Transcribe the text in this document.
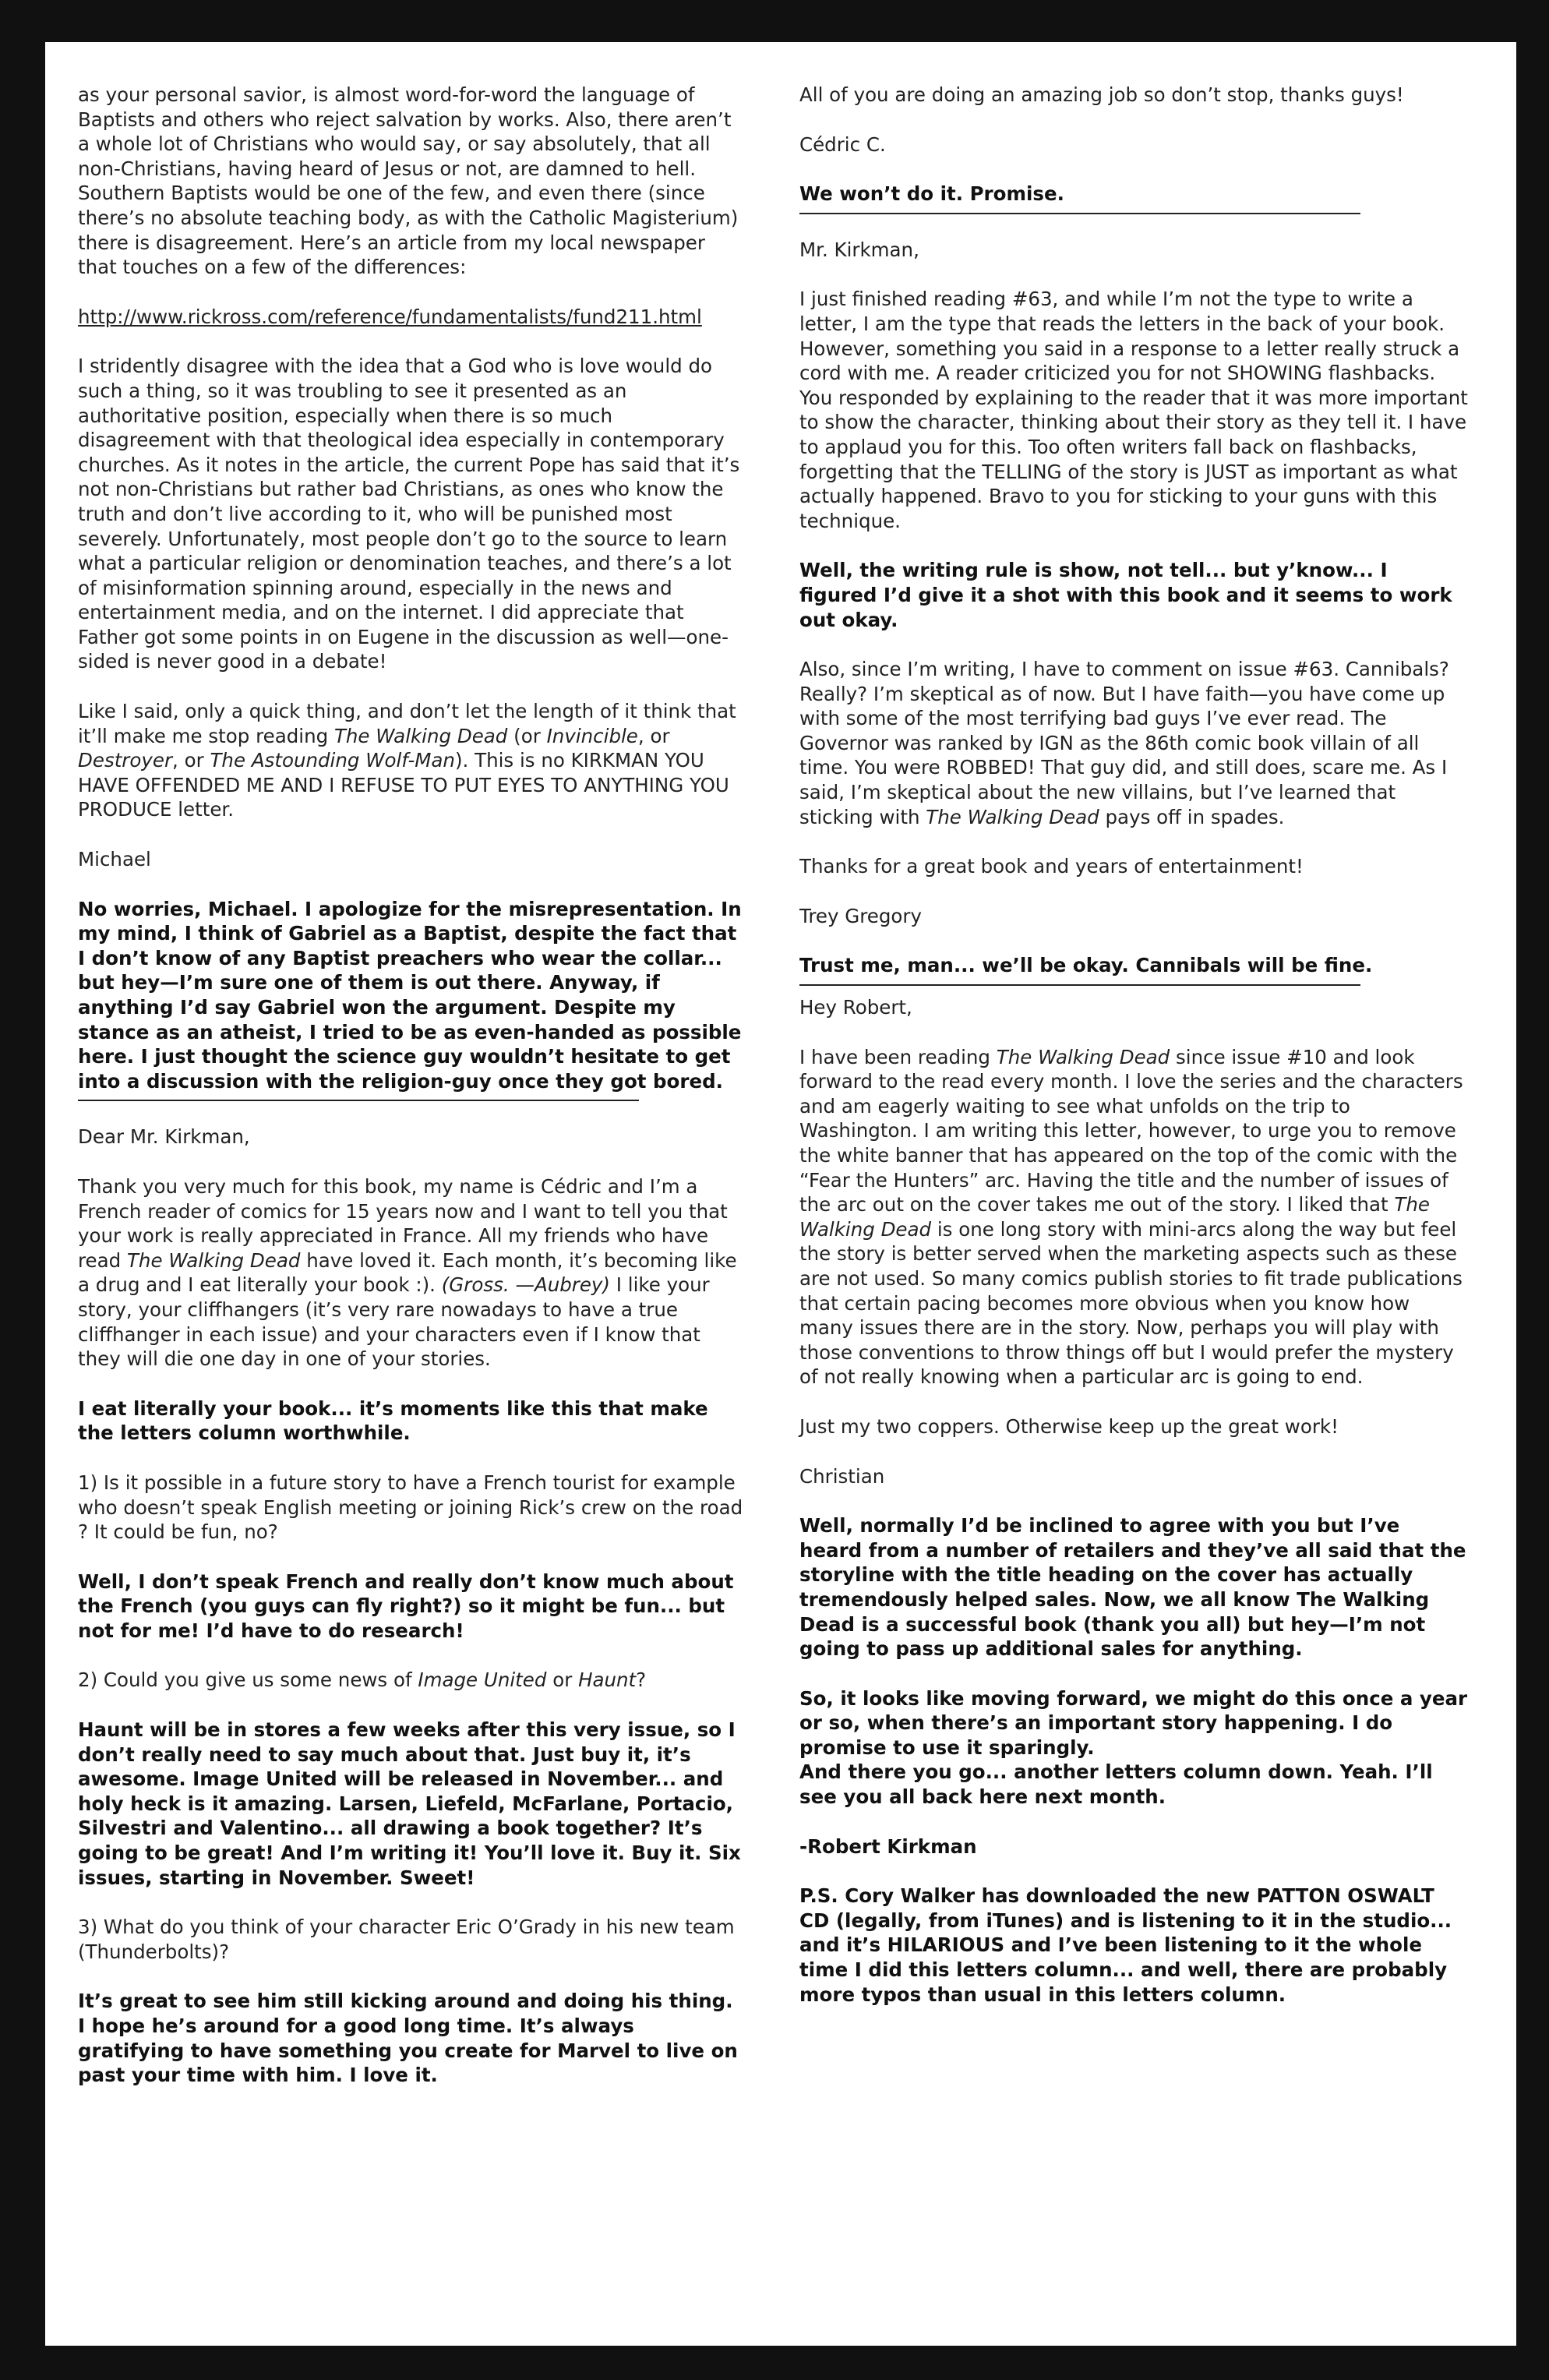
as your personal savior, is almost word-for-word the language of Baptists and others who reject salvation by works. Also, there aren’t a whole lot of Christians who would say, or say absolutely, that all non-Christians, having heard of Jesus or not, are damned to hell. Southern Baptists would be one of the few, and even there (since there’s no absolute teaching body, as with the Catholic Magisterium) there is disagreement. Here’s an article from my local newspaper that touches on a few of the differences:

http://www.rickross.com/reference/fundamentalists/fund211.html

I stridently disagree with the idea that a God who is love would do such a thing, so it was troubling to see it presented as an authoritative position, especially when there is so much disagreement with that theological idea especially in contemporary churches. As it notes in the article, the current Pope has said that it’s not non-Christians but rather bad Christians, as ones who know the truth and don’t live according to it, who will be punished most severely. Unfortunately, most people don’t go to the source to learn what a particular religion or denomination teaches, and there’s a lot of misinformation spinning around, especially in the news and entertainment media, and on the internet. I did appreciate that Father got some points in on Eugene in the discussion as well—one-sided is never good in a debate!

Like I said, only a quick thing, and don’t let the length of it think that it’ll make me stop reading The Walking Dead (or Invincible, or Destroyer, or The Astounding Wolf-Man). This is no KIRKMAN YOU HAVE OFFENDED ME AND I REFUSE TO PUT EYES TO ANYTHING YOU PRODUCE letter.

Michael

No worries, Michael. I apologize for the misrepresentation. In my mind, I think of Gabriel as a Baptist, despite the fact that I don’t know of any Baptist preachers who wear the collar... but hey—I’m sure one of them is out there. Anyway, if anything I’d say Gabriel won the argument. Despite my stance as an atheist, I tried to be as even-handed as possible here. I just thought the science guy wouldn’t hesitate to get into a discussion with the religion-guy once they got bored.

Dear Mr. Kirkman,

Thank you very much for this book, my name is Cédric and I’m a French reader of comics for 15 years now and I want to tell you that your work is really appreciated in France. All my friends who have read The Walking Dead have loved it. Each month, it’s becoming like a drug and I eat literally your book :). (Gross. —Aubrey) I like your story, your cliffhangers (it’s very rare nowadays to have a true cliffhanger in each issue) and your characters even if I know that they will die one day in one of your stories.

I eat literally your book... it’s moments like this that make the letters column worthwhile.

1) Is it possible in a future story to have a French tourist for example who doesn’t speak English meeting or joining Rick’s crew on the road ? It could be fun, no?

Well, I don’t speak French and really don’t know much about the French (you guys can fly right?) so it might be fun... but not for me! I’d have to do research!

2) Could you give us some news of Image United or Haunt?

Haunt will be in stores a few weeks after this very issue, so I don’t really need to say much about that. Just buy it, it’s awesome. Image United will be released in November... and holy heck is it amazing. Larsen, Liefeld, McFarlane, Portacio, Silvestri and Valentino... all drawing a book together? It’s going to be great! And I’m writing it! You’ll love it. Buy it. Six issues, starting in November. Sweet!

3) What do you think of your character Eric O’Grady in his new team (Thunderbolts)?

It’s great to see him still kicking around and doing his thing. I hope he’s around for a good long time. It’s always gratifying to have something you create for Marvel to live on past your time with him. I love it.

All of you are doing an amazing job so don’t stop, thanks guys!

Cédric C.

We won’t do it. Promise.

Mr. Kirkman,

I just finished reading #63, and while I’m not the type to write a letter, I am the type that reads the letters in the back of your book. However, something you said in a response to a letter really struck a cord with me. A reader criticized you for not SHOWING flashbacks. You responded by explaining to the reader that it was more important to show the character, thinking about their story as they tell it. I have to applaud you for this. Too often writers fall back on flashbacks, forgetting that the TELLING of the story is JUST as important as what actually happened. Bravo to you for sticking to your guns with this technique.

Well, the writing rule is show, not tell... but y’know... I figured I’d give it a shot with this book and it seems to work out okay.

Also, since I’m writing, I have to comment on issue #63. Cannibals? Really? I’m skeptical as of now. But I have faith—you have come up with some of the most terrifying bad guys I’ve ever read. The Governor was ranked by IGN as the 86th comic book villain of all time. You were ROBBED! That guy did, and still does, scare me. As I said, I’m skeptical about the new villains, but I’ve learned that sticking with The Walking Dead pays off in spades.

Thanks for a great book and years of entertainment!

Trey Gregory

Trust me, man... we’ll be okay. Cannibals will be fine.

Hey Robert,

I have been reading The Walking Dead since issue #10 and look forward to the read every month. I love the series and the characters and am eagerly waiting to see what unfolds on the trip to Washington. I am writing this letter, however, to urge you to remove the white banner that has appeared on the top of the comic with the “Fear the Hunters” arc. Having the title and the number of issues of the arc out on the cover takes me out of the story. I liked that The Walking Dead is one long story with mini-arcs along the way but feel the story is better served when the marketing aspects such as these are not used. So many comics publish stories to fit trade publications that certain pacing becomes more obvious when you know how many issues there are in the story. Now, perhaps you will play with those conventions to throw things off but I would prefer the mystery of not really knowing when a particular arc is going to end.

Just my two coppers. Otherwise keep up the great work!

Christian

Well, normally I’d be inclined to agree with you but I’ve heard from a number of retailers and they’ve all said that the storyline with the title heading on the cover has actually tremendously helped sales. Now, we all know The Walking Dead is a successful book (thank you all) but hey—I’m not going to pass up additional sales for anything.

So, it looks like moving forward, we might do this once a year or so, when there’s an important story happening. I do promise to use it sparingly.
And there you go... another letters column down. Yeah. I’ll see you all back here next month.

-Robert Kirkman

P.S. Cory Walker has downloaded the new PATTON OSWALT CD (legally, from iTunes) and is listening to it in the studio... and it’s HILARIOUS and I’ve been listening to it the whole time I did this letters column... and well, there are probably more typos than usual in this letters column.
